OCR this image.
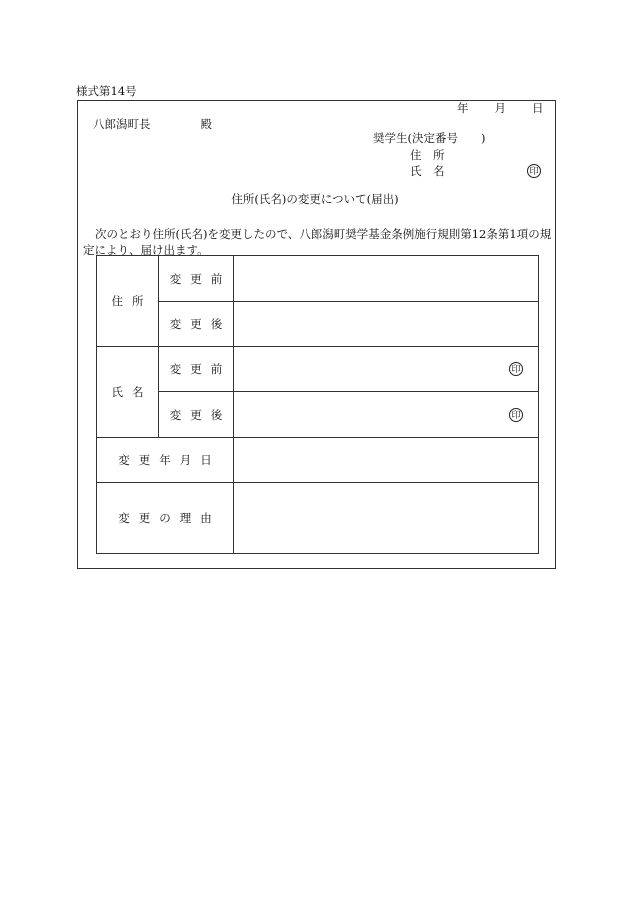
様式第14号
年 月 日
八郎潟町長	殿
奨学生(決定番号　　)
住　所
氏　名	印
住所(氏名)の変更について(届出)
次のとおり住所(氏名)を変更したので、八郎潟町奨学基金条例施行規則第12条第1項の規定により、届け出ます。
住所	変更前	
	変更後	
氏名	変更前	印

	変更後	印

変更年月日		
変更の理由		
